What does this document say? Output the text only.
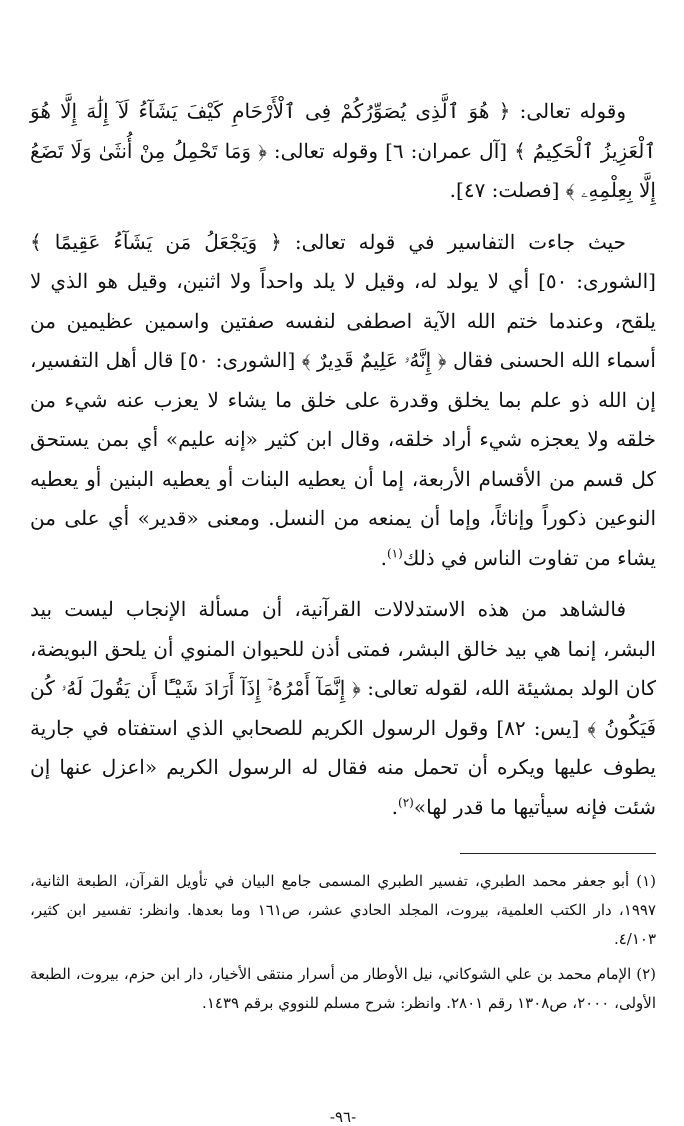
وقوله تعالى: ﴿ هُوَ ٱلَّذِى يُصَوِّرُكُمْ فِى ٱلْأَرْحَامِ كَيْفَ يَشَآءُ لَآ إِلَٰهَ إِلَّا هُوَ ٱلْعَزِيزُ ٱلْحَكِيمُ ﴾ [آل عمران: ٦] وقوله تعالى: ﴿ وَمَا تَحْمِلُ مِنْ أُنثَىٰ وَلَا تَضَعُ إِلَّا بِعِلْمِهِۦ ﴾ [فصلت: ٤٧].

حيث جاءت التفاسير في قوله تعالى: ﴿ وَيَجْعَلُ مَن يَشَآءُ عَقِيمًا ﴾ [الشورى: ٥٠] أي لا يولد له، وقيل لا يلد واحداً ولا اثنين، وقيل هو الذي لا يلقح، وعندما ختم الله الآية اصطفى لنفسه صفتين واسمين عظيمين من أسماء الله الحسنى فقال ﴿ إِنَّهُۥ عَلِيمٌ قَدِيرٌ ﴾ [الشورى: ٥٠] قال أهل التفسير، إن الله ذو علم بما يخلق وقدرة على خلق ما يشاء لا يعزب عنه شيء من خلقه ولا يعجزه شيء أراد خلقه، وقال ابن كثير «إنه عليم» أي بمن يستحق كل قسم من الأقسام الأربعة، إما أن يعطيه البنات أو يعطيه البنين أو يعطيه النوعين ذكوراً وإناثاً، وإما أن يمنعه من النسل. ومعنى «قدير» أي على من يشاء من تفاوت الناس في ذلك$^{(١)}$.

فالشاهد من هذه الاستدلالات القرآنية، أن مسألة الإنجاب ليست بيد البشر، إنما هي بيد خالق البشر، فمتى أذن للحيوان المنوي أن يلحق البويضة، كان الولد بمشيئة الله، لقوله تعالى: ﴿ إِنَّمَآ أَمْرُهُۥٓ إِذَآ أَرَادَ شَيْـًٔا أَن يَقُولَ لَهُۥ كُن فَيَكُونُ ﴾ [يس: ٨٢] وقول الرسول الكريم للصحابي الذي استفتاه في جارية يطوف عليها ويكره أن تحمل منه فقال له الرسول الكريم «اعزل عنها إن شئت فإنه سيأتيها ما قدر لها»$^{(٢)}$.

(١) أبو جعفر محمد الطبري، تفسير الطبري المسمى جامع البيان في تأويل القرآن، الطبعة الثانية، ١٩٩٧، دار الكتب العلمية، بيروت، المجلد الحادي عشر، ص١٦١ وما بعدها. وانظر: تفسير ابن كثير، ٤/١٠٣.

(٢) الإمام محمد بن علي الشوكاني، نيل الأوطار من أسرار منتقى الأخيار، دار ابن حزم، بيروت، الطبعة الأولى، ٢٠٠٠، ص١٣٠٨ رقم ٢٨٠١. وانظر: شرح مسلم للنووي برقم ١٤٣٩.

-٩٦-
